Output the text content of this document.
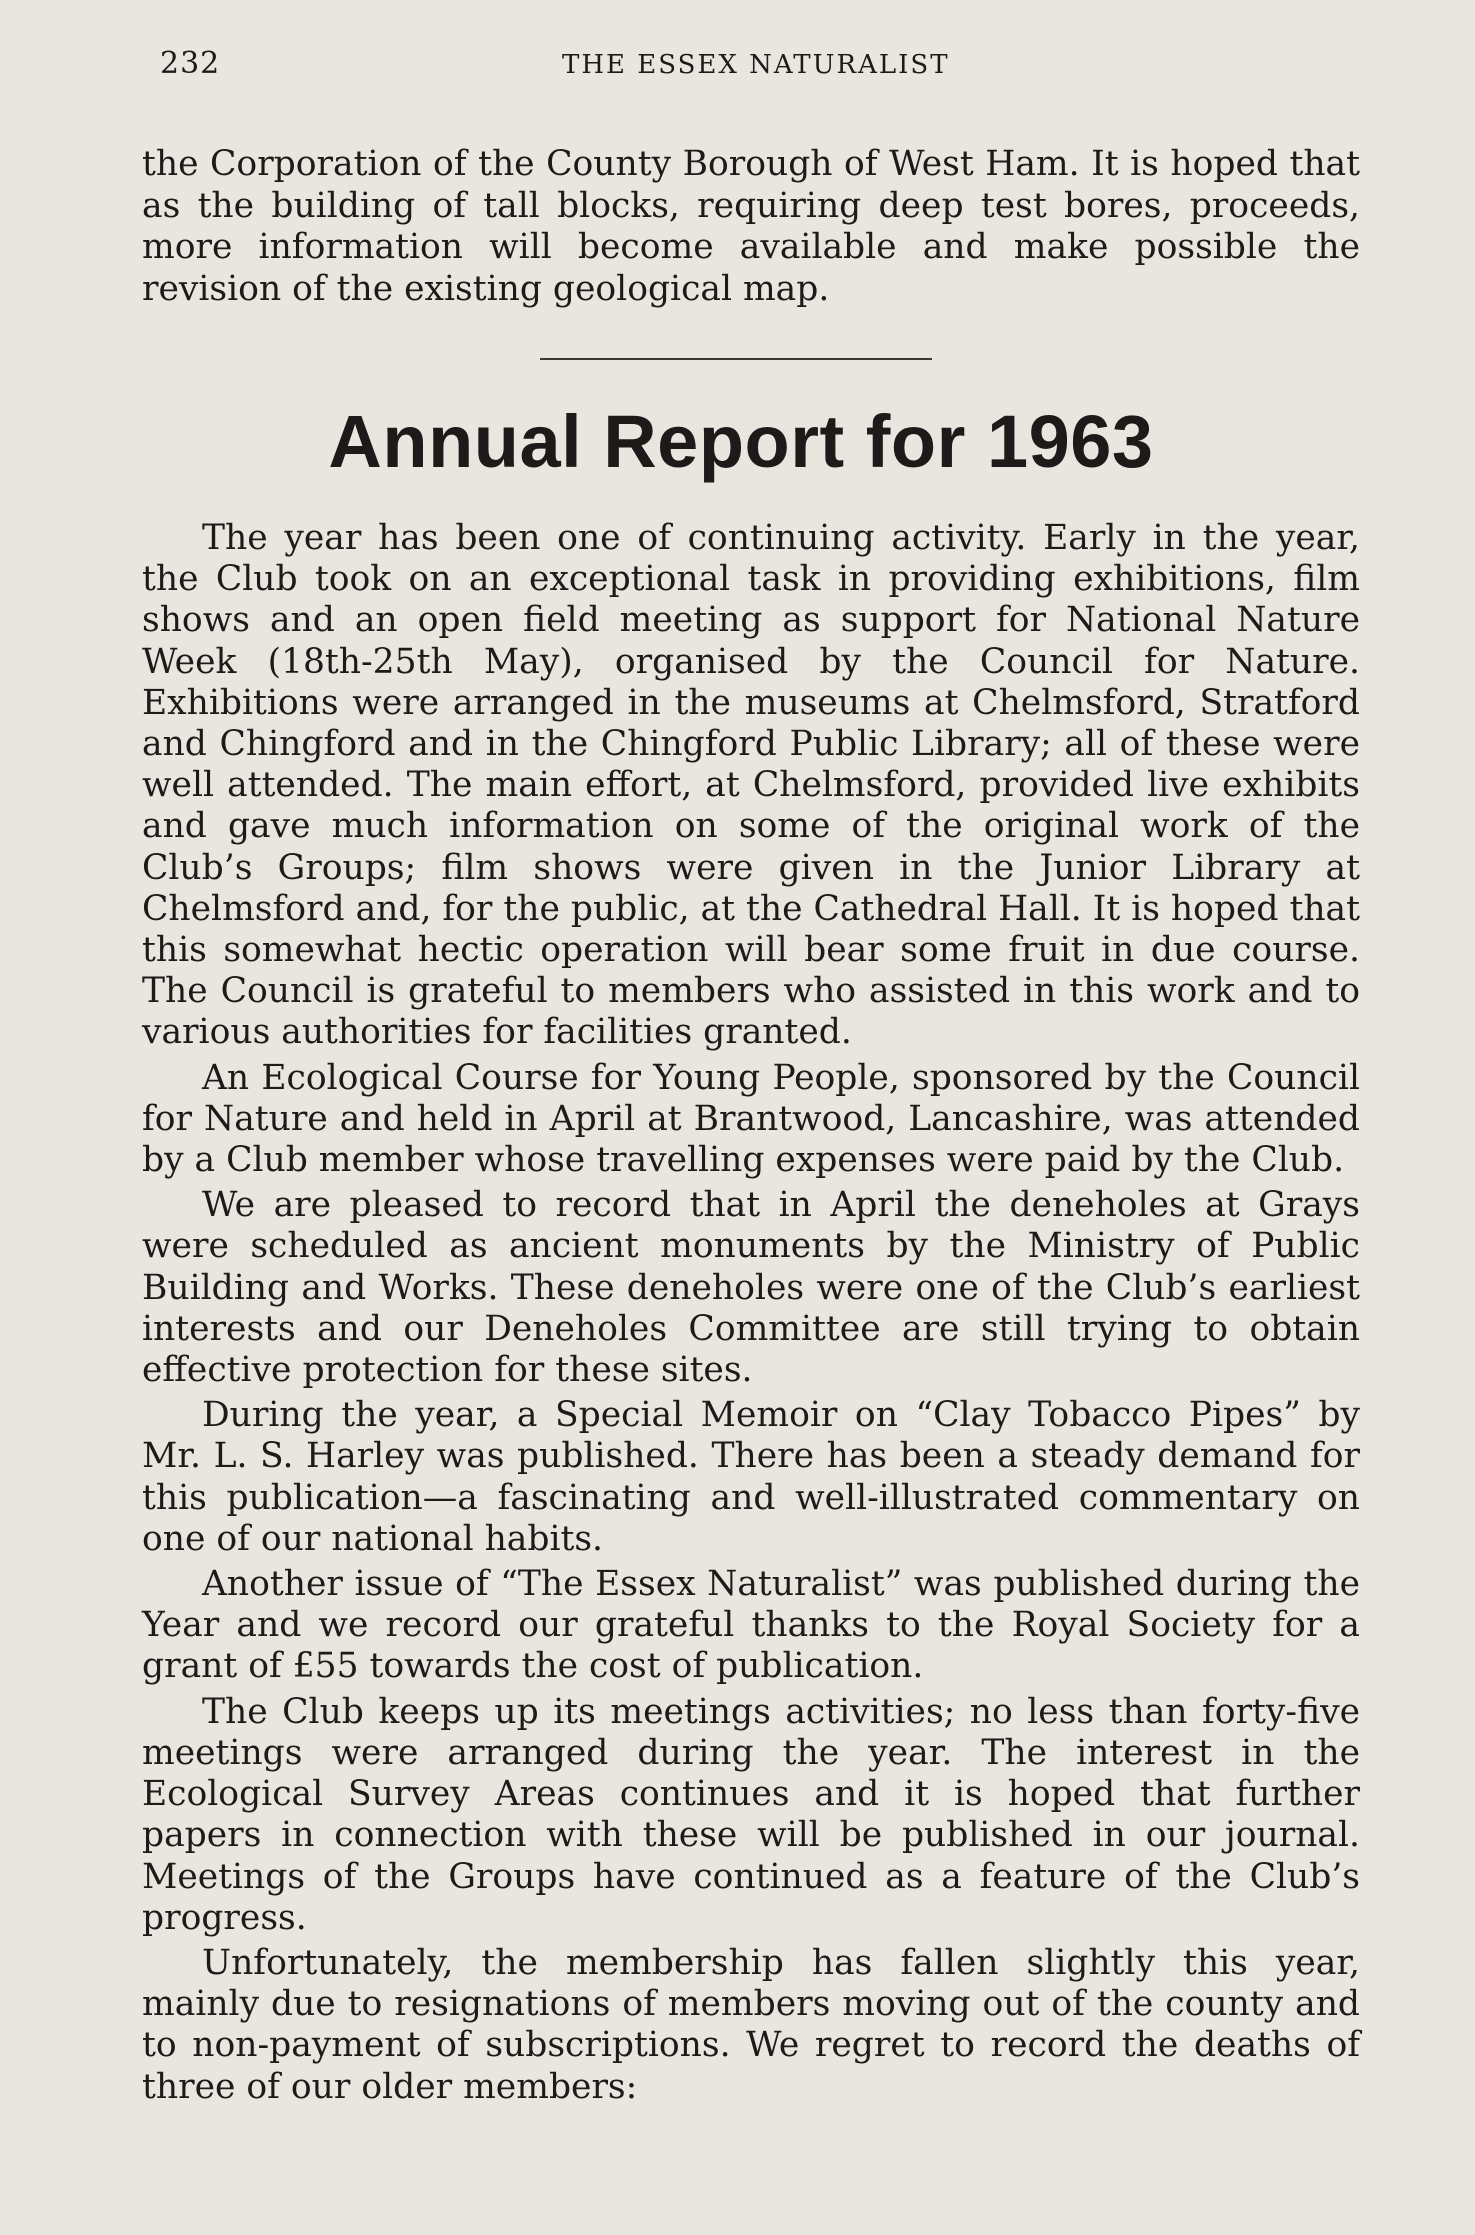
232	THE ESSEX NATURALIST

the Corporation of the County Borough of West Ham. It is hoped that as the building of tall blocks, requiring deep test bores, proceeds, more information will become available and make possible the revision of the existing geological map.

Annual Report for 1963

The year has been one of continuing activity. Early in the year, the Club took on an exceptional task in providing exhibitions, film shows and an open field meeting as support for National Nature Week (18th-25th May), organised by the Council for Nature. Exhibitions were arranged in the museums at Chelmsford, Stratford and Chingford and in the Chingford Public Library; all of these were well attended. The main effort, at Chelmsford, provided live exhibits and gave much information on some of the original work of the Club’s Groups; film shows were given in the Junior Library at Chelmsford and, for the public, at the Cathedral Hall. It is hoped that this somewhat hectic operation will bear some fruit in due course. The Council is grateful to members who assisted in this work and to various authorities for facilities granted.

An Ecological Course for Young People, sponsored by the Council for Nature and held in April at Brantwood, Lancashire, was attended by a Club member whose travelling expenses were paid by the Club.

We are pleased to record that in April the deneholes at Grays were scheduled as ancient monuments by the Ministry of Public Building and Works. These deneholes were one of the Club’s earliest interests and our Deneholes Committee are still trying to obtain effective protection for these sites.

During the year, a Special Memoir on “Clay Tobacco Pipes” by Mr. L. S. Harley was published. There has been a steady demand for this publication—a fascinating and well-illustrated commentary on one of our national habits.

Another issue of “The Essex Naturalist” was published during the Year and we record our grateful thanks to the Royal Society for a grant of £55 towards the cost of publication.

The Club keeps up its meetings activities; no less than forty-five meetings were arranged during the year. The interest in the Ecological Survey Areas continues and it is hoped that further papers in connection with these will be published in our journal. Meetings of the Groups have continued as a feature of the Club’s progress.

Unfortunately, the membership has fallen slightly this year, mainly due to resignations of members moving out of the county and to non-payment of subscriptions. We regret to record the deaths of three of our older members:
